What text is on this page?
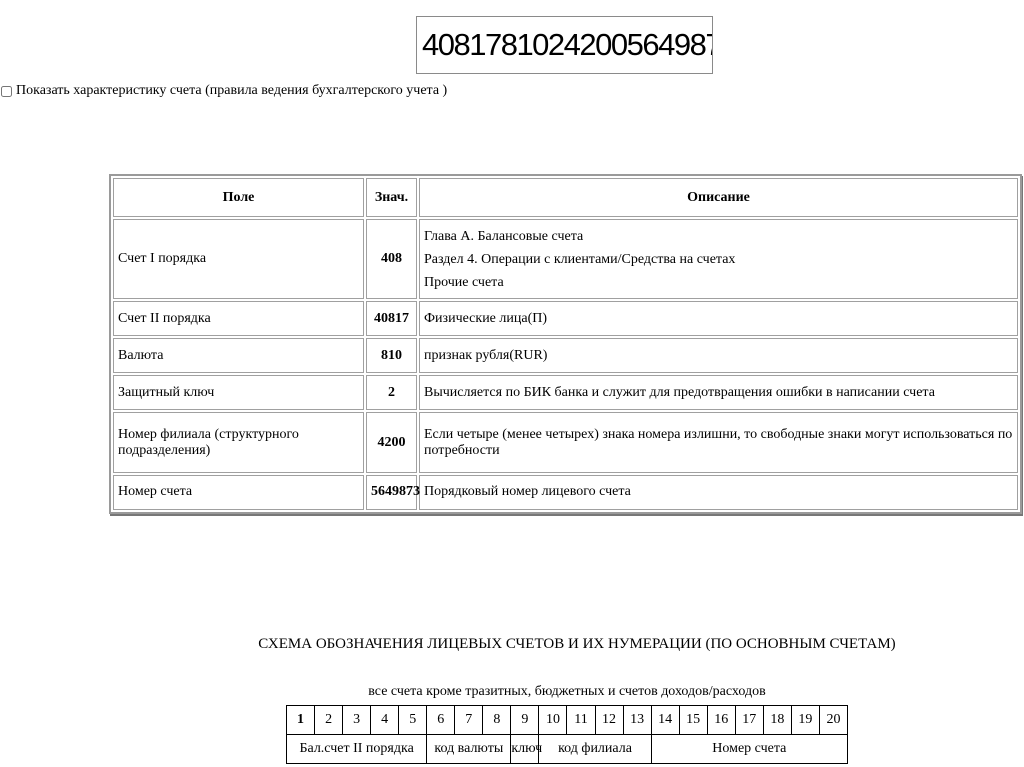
40817810242005649873
Показать характеристику счета (правила ведения бухгалтерского учета )
Поле	Знач.	Описание
Счет I порядка	408	Глава А. Балансовые счета
Раздел 4. Операции с клиентами/Средства на счетах
Прочие счета

Счет II порядка	40817	Физические лица(П)
Валюта	810	признак рубля(RUR)
Защитный ключ	2	Вычисляется по БИК банка и служит для предотвращения ошибки в написании счета
Номер филиала (структурного подразделения)	4200	Если четыре (менее четырех) знака номера излишни, то свободные знаки могут использоваться по потребности
Номер счета	5649873	Порядковый номер лицевого счета
СХЕМА ОБОЗНАЧЕНИЯ ЛИЦЕВЫХ СЧЕТОВ И ИХ НУМЕРАЦИИ (ПО ОСНОВНЫМ СЧЕТАМ)
все счета кроме тразитных, бюджетных и счетов доходов/расходов
1	2	3	4	5	6	7	8	9	10	11	12	13	14	15	16	17	18	19	20
Бал.счет II порядка					код валюты			ключ	код филиала				Номер счета						
